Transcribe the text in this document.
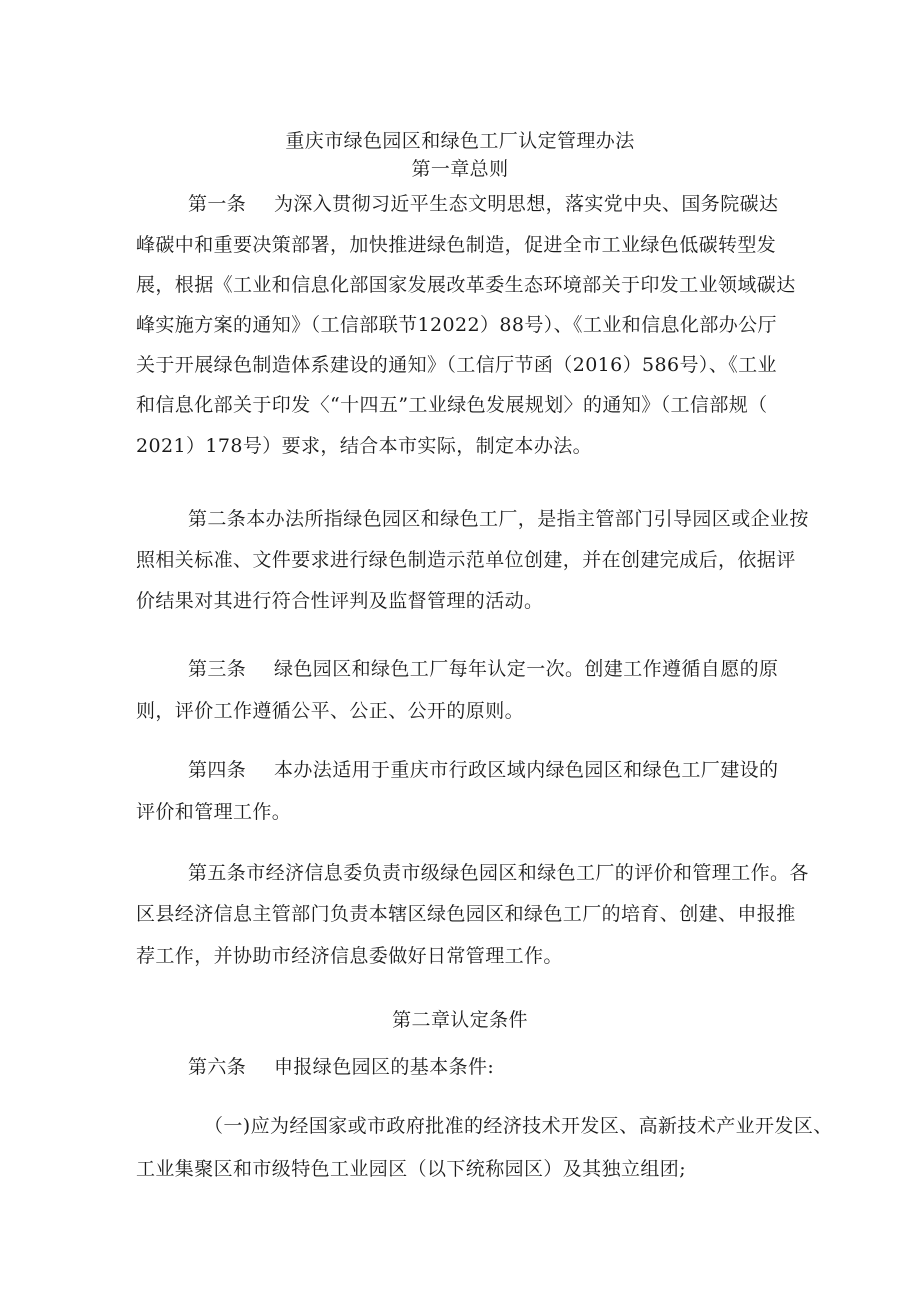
重庆市绿色园区和绿色工厂认定管理办法
第一章总则
第一条 为深入贯彻习近平生态文明思想，落实党中央、国务院碳达
峰碳中和重要决策部署，加快推进绿色制造，促进全市工业绿色低碳转型发
展，根据《工业和信息化部国家发展改革委生态环境部关于印发工业领域碳达
峰实施方案的通知》（工信部联节12022）88号）、《工业和信息化部办公厅
关于开展绿色制造体系建设的通知》（工信厅节函（2016）586号）、《工业
和信息化部关于印发〈“十四五”工业绿色发展规划〉的通知》（工信部规（
2021）178号）要求，结合本市实际，制定本办法。
第二条本办法所指绿色园区和绿色工厂，是指主管部门引导园区或企业按
照相关标准、文件要求进行绿色制造示范单位创建，并在创建完成后，依据评
价结果对其进行符合性评判及监督管理的活动。
第三条 绿色园区和绿色工厂每年认定一次。创建工作遵循自愿的原
则，评价工作遵循公平、公正、公开的原则。
第四条 本办法适用于重庆市行政区域内绿色园区和绿色工厂建设的
评价和管理工作。
第五条市经济信息委负责市级绿色园区和绿色工厂的评价和管理工作。各
区县经济信息主管部门负责本辖区绿色园区和绿色工厂的培育、创建、申报推
荐工作，并协助市经济信息委做好日常管理工作。
第二章认定条件
第六条 申报绿色园区的基本条件:
（一)应为经国家或市政府批准的经济技术开发区、高新技术产业开发区、
工业集聚区和市级特色工业园区（以下统称园区）及其独立组团;
